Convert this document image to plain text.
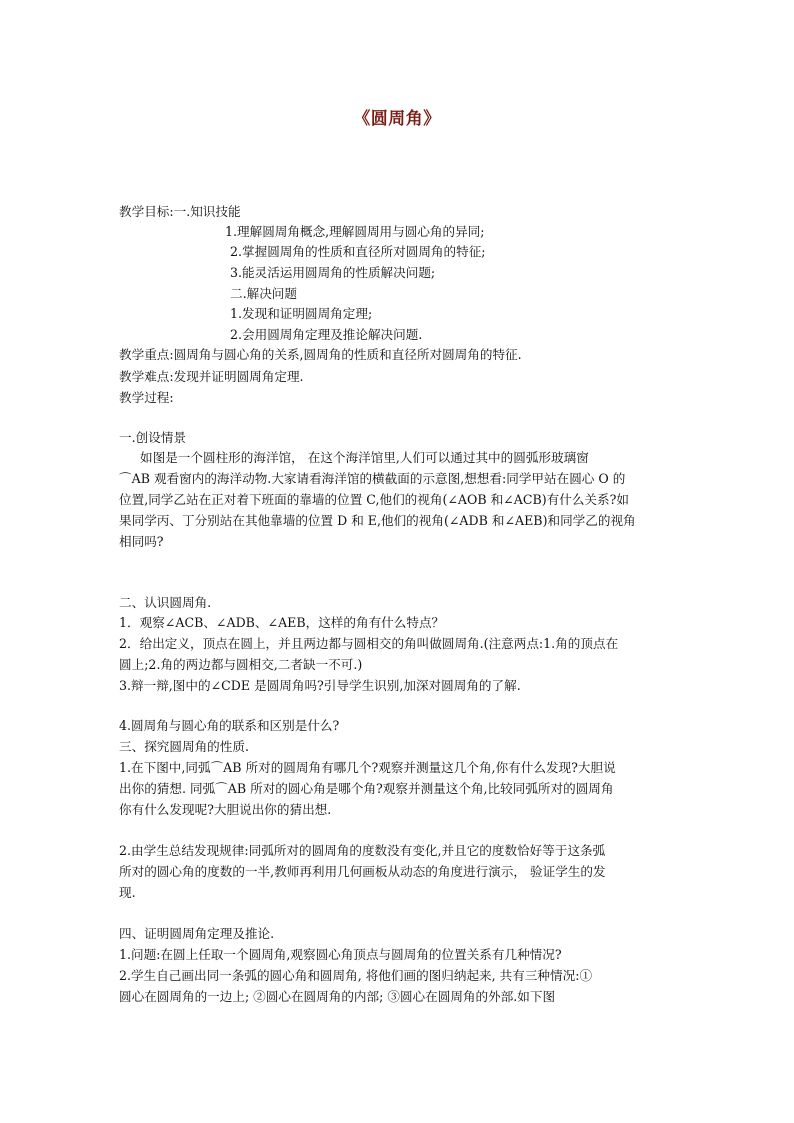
《圆周角》
教学目标:一.知识技能
1.理解圆周角概念,理解圆周用与圆心角的异同;
2.掌握圆周角的性质和直径所对圆周角的特征;
3.能灵活运用圆周角的性质解决问题;
二.解决问题
1.发现和证明圆周角定理;
2.会用圆周角定理及推论解决问题.
教学重点:圆周角与圆心角的关系,圆周角的性质和直径所对圆周角的特征.
教学难点:发现并证明圆周角定理.
教学过程:
一.创设情景
如图是一个圆柱形的海洋馆， 在这个海洋馆里,人们可以通过其中的圆弧形玻璃窗
⌒AB 观看窗内的海洋动物.大家请看海洋馆的横截面的示意图,想想看:同学甲站在圆心 O 的
位置,同学乙站在正对着下班面的靠墙的位置 C,他们的视角(∠AOB 和∠ACB)有什么关系?如
果同学丙、丁分别站在其他靠墙的位置 D 和 E,他们的视角(∠ADB 和∠AEB)和同学乙的视角
相同吗?
二、认识圆周角.
1．观察∠ACB、∠ADB、∠AEB，这样的角有什么特点？
2．给出定义，顶点在圆上，并且两边都与圆相交的角叫做圆周角.(注意两点:1.角的顶点在
圆上;2.角的两边都与圆相交,二者缺一不可.)
3.辩一辩,图中的∠CDE 是圆周角吗?引导学生识别,加深对圆周角的了解.
4.圆周角与圆心角的联系和区别是什么?
三、探究圆周角的性质.
1.在下图中,同弧⌒AB 所对的圆周角有哪几个?观察并测量这几个角,你有什么发现?大胆说
出你的猜想. 同弧⌒AB 所对的圆心角是哪个角?观察并测量这个角,比较同弧所对的圆周角
你有什么发现呢?大胆说出你的猜出想.
2.由学生总结发现规律:同弧所对的圆周角的度数没有变化,并且它的度数恰好等于这条弧
所对的圆心角的度数的一半,教师再利用几何画板从动态的角度进行演示， 验证学生的发
现.
四、证明圆周角定理及推论.
1.问题:在圆上任取一个圆周角,观察圆心角顶点与圆周角的位置关系有几种情况?
2.学生自己画出同一条弧的圆心角和圆周角, 将他们画的图归纳起来, 共有三种情况:①
圆心在圆周角的一边上; ②圆心在圆周角的内部; ③圆心在圆周角的外部.如下图
